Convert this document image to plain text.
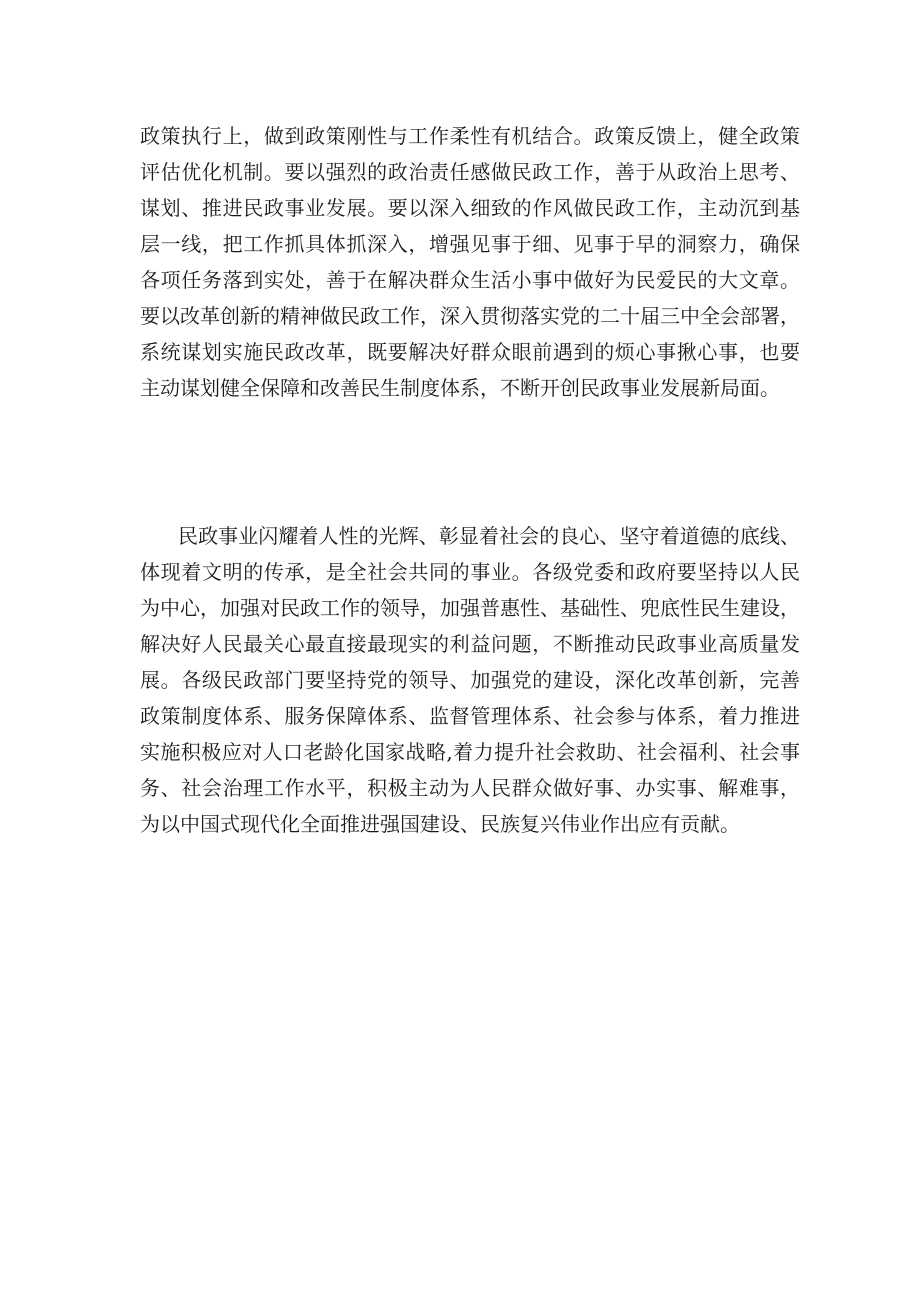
政策执行上，做到政策刚性与工作柔性有机结合。政策反馈上，健全政策
评估优化机制。要以强烈的政治责任感做民政工作，善于从政治上思考、
谋划、推进民政事业发展。要以深入细致的作风做民政工作，主动沉到基
层一线，把工作抓具体抓深入，增强见事于细、见事于早的洞察力，确保
各项任务落到实处，善于在解决群众生活小事中做好为民爱民的大文章。
要以改革创新的精神做民政工作，深入贯彻落实党的二十届三中全会部署，
系统谋划实施民政改革，既要解决好群众眼前遇到的烦心事揪心事，也要
主动谋划健全保障和改善民生制度体系，不断开创民政事业发展新局面。
民政事业闪耀着人性的光辉、彰显着社会的良心、坚守着道德的底线、
体现着文明的传承，是全社会共同的事业。各级党委和政府要坚持以人民
为中心，加强对民政工作的领导，加强普惠性、基础性、兜底性民生建设，
解决好人民最关心最直接最现实的利益问题，不断推动民政事业高质量发
展。各级民政部门要坚持党的领导、加强党的建设，深化改革创新，完善
政策制度体系、服务保障体系、监督管理体系、社会参与体系，着力推进
实施积极应对人口老龄化国家战略,着力提升社会救助、社会福利、社会事
务、社会治理工作水平，积极主动为人民群众做好事、办实事、解难事，
为以中国式现代化全面推进强国建设、民族复兴伟业作出应有贡献。
